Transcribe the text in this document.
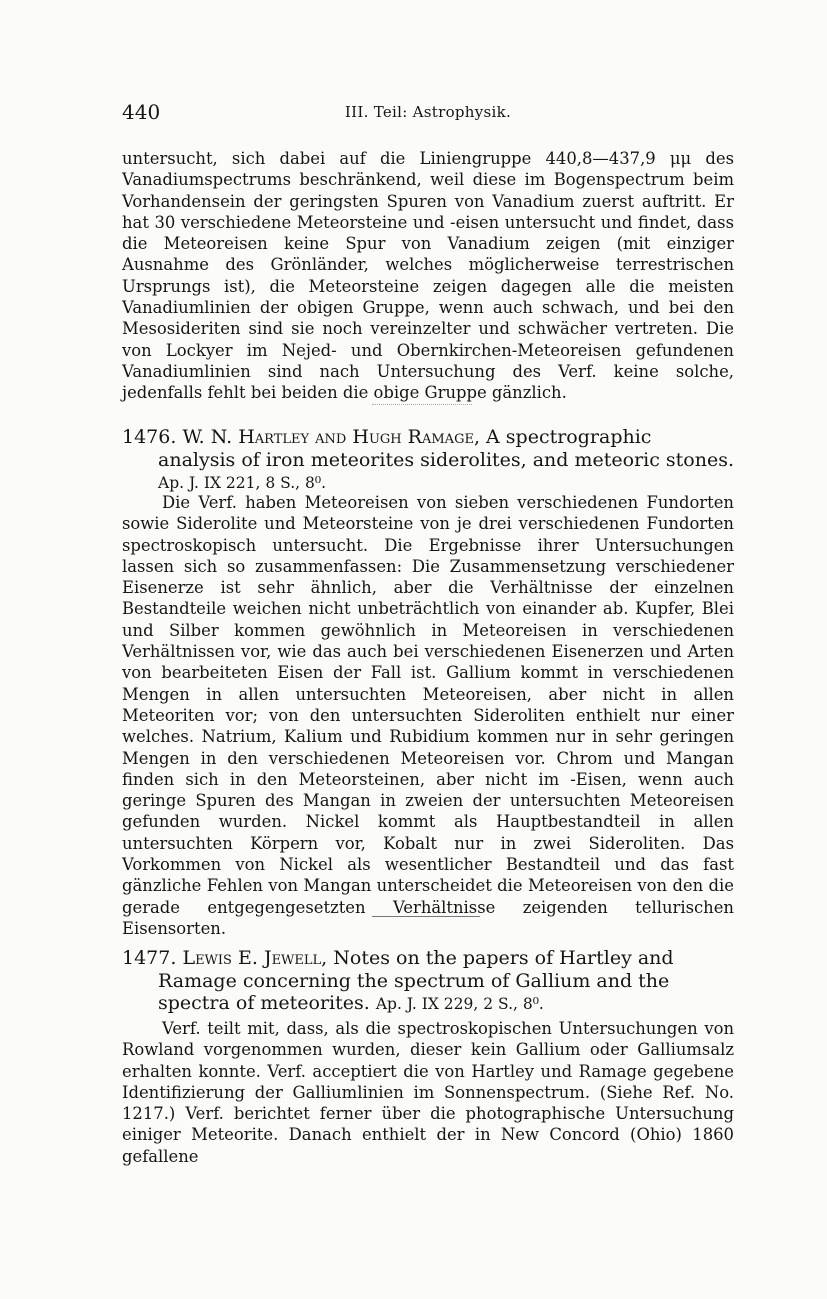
440	III. Teil: Astrophysik.

untersucht, sich dabei auf die Liniengruppe 440,8—437,9 μμ des Vanadiumspectrums beschränkend, weil diese im Bogenspectrum beim Vorhandensein der geringsten Spuren von Vanadium zuerst auftritt. Er hat 30 verschiedene Meteorsteine und -eisen untersucht und findet, dass die Meteoreisen keine Spur von Vanadium zeigen (mit einziger Ausnahme des Grönländer, welches möglicherweise terrestrischen Ursprungs ist), die Meteorsteine zeigen dagegen alle die meisten Vanadiumlinien der obigen Gruppe, wenn auch schwach, und bei den Mesosideriten sind sie noch vereinzelter und schwächer vertreten. Die von Lockyer im Nejed- und Obernkirchen-Meteoreisen gefundenen Vanadiumlinien sind nach Untersuchung des Verf. keine solche, jedenfalls fehlt bei beiden die obige Gruppe gänzlich.

1476. W. N. Hartley and Hugh Ramage, A spectrographic analysis of iron meteorites siderolites, and meteoric stones. Ap. J. IX 221, 8 S., 8⁰.

Die Verf. haben Meteoreisen von sieben verschiedenen Fundorten sowie Siderolite und Meteorsteine von je drei verschiedenen Fundorten spectroskopisch untersucht. Die Ergebnisse ihrer Untersuchungen lassen sich so zusammenfassen: Die Zusammensetzung verschiedener Eisenerze ist sehr ähnlich, aber die Verhältnisse der einzelnen Bestandteile weichen nicht unbeträchtlich von einander ab. Kupfer, Blei und Silber kommen gewöhnlich in Meteoreisen in verschiedenen Verhältnissen vor, wie das auch bei verschiedenen Eisenerzen und Arten von bearbeiteten Eisen der Fall ist. Gallium kommt in verschiedenen Mengen in allen untersuchten Meteoreisen, aber nicht in allen Meteoriten vor; von den untersuchten Sideroliten enthielt nur einer welches. Natrium, Kalium und Rubidium kommen nur in sehr geringen Mengen in den verschiedenen Meteoreisen vor. Chrom und Mangan finden sich in den Meteorsteinen, aber nicht im -Eisen, wenn auch geringe Spuren des Mangan in zweien der untersuchten Meteoreisen gefunden wurden. Nickel kommt als Hauptbestandteil in allen untersuchten Körpern vor, Kobalt nur in zwei Sideroliten. Das Vorkommen von Nickel als wesentlicher Bestandteil und das fast gänzliche Fehlen von Mangan unterscheidet die Meteoreisen von den die gerade entgegengesetzten Verhältnisse zeigenden tellurischen Eisensorten.

1477. Lewis E. Jewell, Notes on the papers of Hartley and Ramage concerning the spectrum of Gallium and the spectra of meteorites. Ap. J. IX 229, 2 S., 8⁰.

Verf. teilt mit, dass, als die spectroskopischen Untersuchungen von Rowland vorgenommen wurden, dieser kein Gallium oder Galliumsalz erhalten konnte. Verf. acceptiert die von Hartley und Ramage gegebene Identifizierung der Galliumlinien im Sonnenspectrum. (Siehe Ref. No. 1217.) Verf. berichtet ferner über die photographische Untersuchung einiger Meteorite. Danach enthielt der in New Concord (Ohio) 1860 gefallene
